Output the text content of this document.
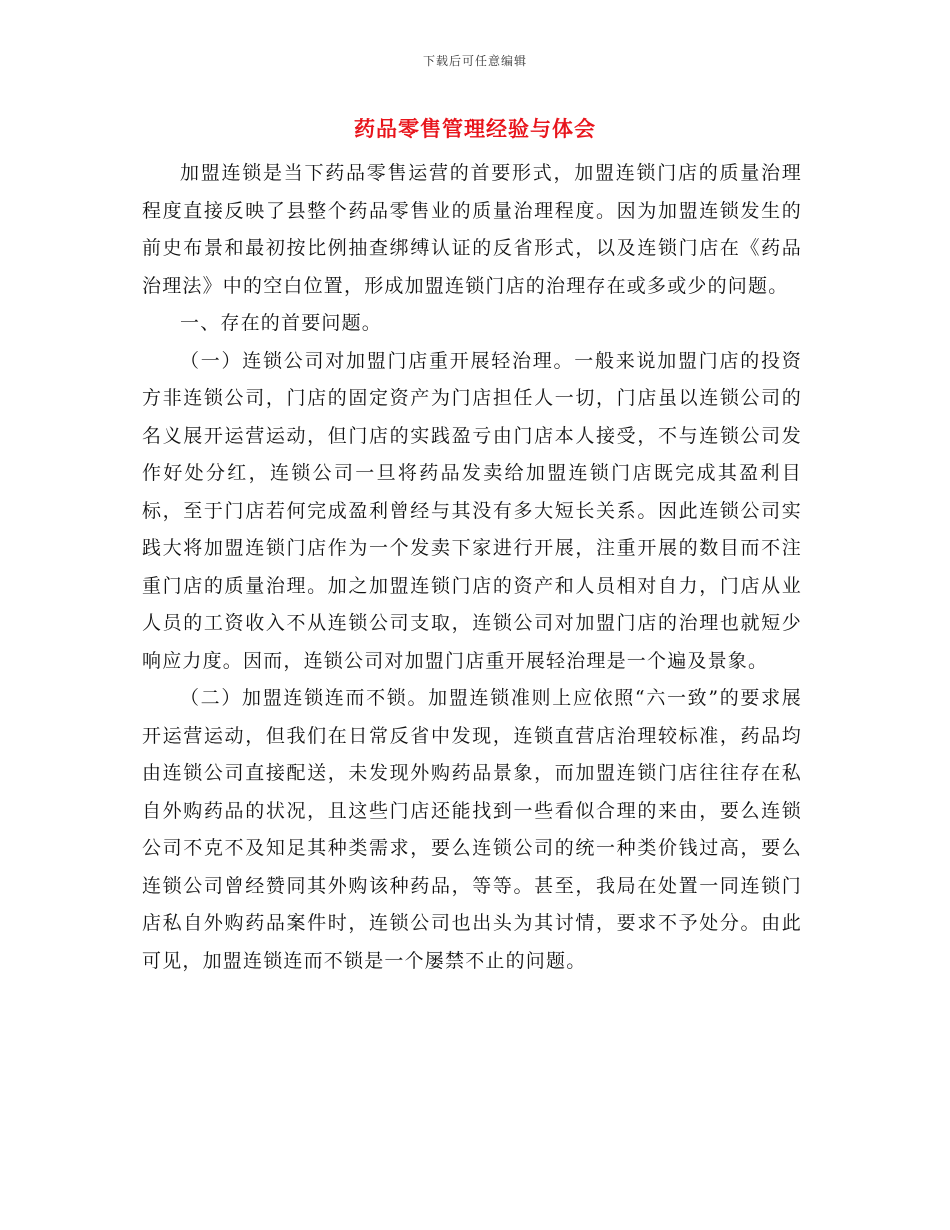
下载后可任意编辑
药品零售管理经验与体会

加盟连锁是当下药品零售运营的首要形式，加盟连锁门店的质量治理程度直接反映了县整个药品零售业的质量治理程度。因为加盟连锁发生的前史布景和最初按比例抽查绑缚认证的反省形式，以及连锁门店在《药品治理法》中的空白位置，形成加盟连锁门店的治理存在或多或少的问题。

一、存在的首要问题。

（一）连锁公司对加盟门店重开展轻治理。一般来说加盟门店的投资方非连锁公司，门店的固定资产为门店担任人一切，门店虽以连锁公司的名义展开运营运动，但门店的实践盈亏由门店本人接受，不与连锁公司发作好处分红，连锁公司一旦将药品发卖给加盟连锁门店既完成其盈利目标，至于门店若何完成盈利曾经与其没有多大短长关系。因此连锁公司实践大将加盟连锁门店作为一个发卖下家进行开展，注重开展的数目而不注重门店的质量治理。加之加盟连锁门店的资产和人员相对自力，门店从业人员的工资收入不从连锁公司支取，连锁公司对加盟门店的治理也就短少响应力度。因而，连锁公司对加盟门店重开展轻治理是一个遍及景象。

（二）加盟连锁连而不锁。加盟连锁准则上应依照“六一致”的要求展开运营运动，但我们在日常反省中发现，连锁直营店治理较标准，药品均由连锁公司直接配送，未发现外购药品景象，而加盟连锁门店往往存在私自外购药品的状况，且这些门店还能找到一些看似合理的来由，要么连锁公司不克不及知足其种类需求，要么连锁公司的统一种类价钱过高，要么连锁公司曾经赞同其外购该种药品，等等。甚至，我局在处置一同连锁门店私自外购药品案件时，连锁公司也出头为其讨情，要求不予处分。由此可见，加盟连锁连而不锁是一个屡禁不止的问题。
